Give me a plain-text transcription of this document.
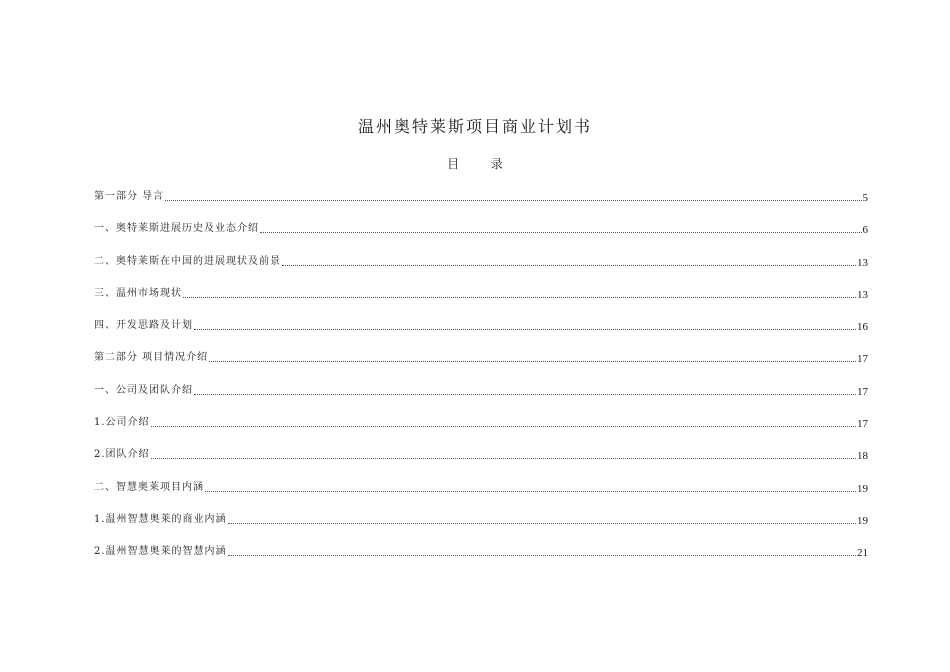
温州奥特莱斯项目商业计划书
目 录
第一部分 导言	5
一、奥特莱斯进展历史及业态介绍	6
二、奥特莱斯在中国的进展现状及前景	13
三、温州市场现状	13
四、开发思路及计划	16
第二部分 项目情况介绍	17
一、公司及团队介绍	17
1.公司介绍	17
2.团队介绍	18
二、智慧奥莱项目内涵	19
1.温州智慧奥莱的商业内涵	19
2.温州智慧奥莱的智慧内涵	21
